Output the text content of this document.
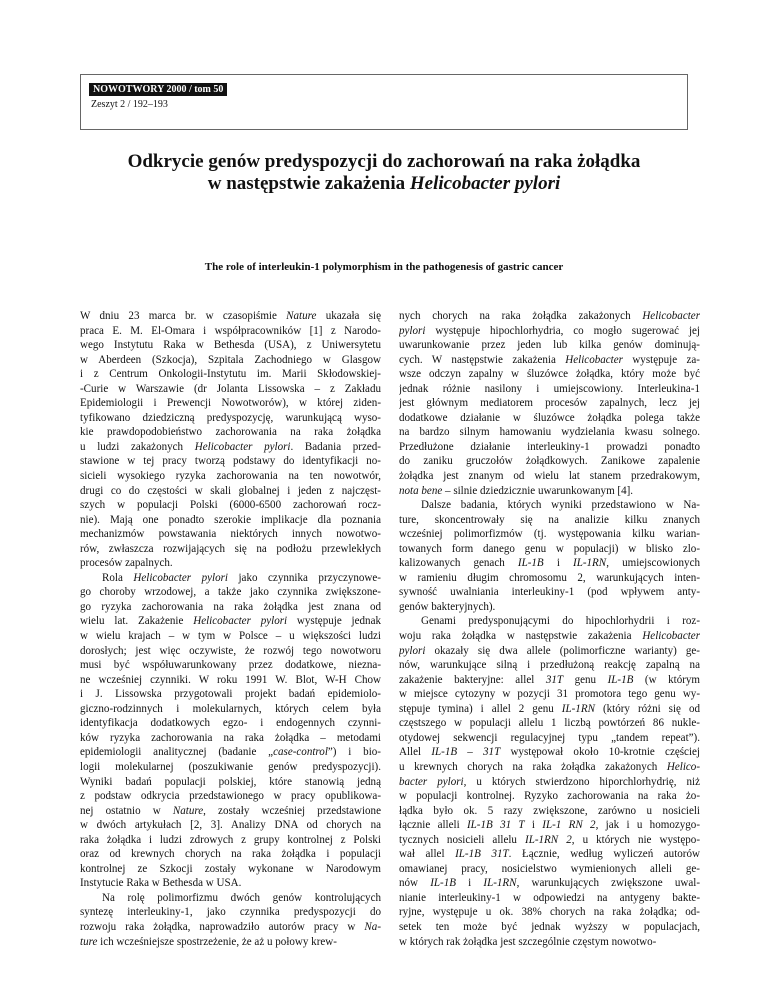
NOWOTWORY 2000 / tom 50
Zeszyt 2 / 192–193
Odkrycie genów predyspozycji do zachorowań na raka żołądka
w następstwie zakażenia Helicobacter pylori
The role of interleukin-1 polymorphism in the pathogenesis of gastric cancer
W dniu 23 marca br. w czasopiśmie Nature ukazała się
praca E. M. El-Omara i współpracowników [1] z Narodo-
wego Instytutu Raka w Bethesda (USA), z Uniwersytetu
w Aberdeen (Szkocja), Szpitala Zachodniego w Glasgow
i z Centrum Onkologii-Instytutu im. Marii Skłodowskiej-
-Curie w Warszawie (dr Jolanta Lissowska – z Zakładu
Epidemiologii i Prewencji Nowotworów), w której ziden-
tyfikowano dziedziczną predyspozycję, warunkującą wyso-
kie prawdopodobieństwo zachorowania na raka żołądka
u ludzi zakażonych Helicobacter pylori. Badania przed-
stawione w tej pracy tworzą podstawy do identyfikacji no-
sicieli wysokiego ryzyka zachorowania na ten nowotwór,
drugi co do częstości w skali globalnej i jeden z najczęst-
szych w populacji Polski (6000-6500 zachorowań rocz-
nie). Mają one ponadto szerokie implikacje dla poznania
mechanizmów powstawania niektórych innych nowotwo-
rów, zwłaszcza rozwijających się na podłożu przewlekłych
procesów zapalnych.
Rola Helicobacter pylori jako czynnika przyczynowe-
go choroby wrzodowej, a także jako czynnika zwiększone-
go ryzyka zachorowania na raka żołądka jest znana od
wielu lat. Zakażenie Helicobacter pylori występuje jednak
w wielu krajach – w tym w Polsce – u większości ludzi
dorosłych; jest więc oczywiste, że rozwój tego nowotworu
musi być współuwarunkowany przez dodatkowe, niezna-
ne wcześniej czynniki. W roku 1991 W. Blot, W-H Chow
i J. Lissowska przygotowali projekt badań epidemiolo-
giczno-rodzinnych i molekularnych, których celem była
identyfikacja dodatkowych egzo- i endogennych czynni-
ków ryzyka zachorowania na raka żołądka – metodami
epidemiologii analitycznej (badanie „case-control”) i bio-
logii molekularnej (poszukiwanie genów predyspozycji).
Wyniki badań populacji polskiej, które stanowią jedną
z podstaw odkrycia przedstawionego w pracy opublikowa-
nej ostatnio w Nature, zostały wcześniej przedstawione
w dwóch artykułach [2, 3]. Analizy DNA od chorych na
raka żołądka i ludzi zdrowych z grupy kontrolnej z Polski
oraz od krewnych chorych na raka żołądka i populacji
kontrolnej ze Szkocji zostały wykonane w Narodowym
Instytucie Raka w Bethesda w USA.
Na rolę polimorfizmu dwóch genów kontrolujących
syntezę interleukiny-1, jako czynnika predyspozycji do
rozwoju raka żołądka, naprowadziło autorów pracy w Na-
ture ich wcześniejsze spostrzeżenie, że aż u połowy krew-
nych chorych na raka żołądka zakażonych Helicobacter
pylori występuje hipochlorhydria, co mogło sugerować jej
uwarunkowanie przez jeden lub kilka genów dominują-
cych. W następstwie zakażenia Helicobacter występuje za-
wsze odczyn zapalny w śluzówce żołądka, który może być
jednak różnie nasilony i umiejscowiony. Interleukina-1
jest głównym mediatorem procesów zapalnych, lecz jej
dodatkowe działanie w śluzówce żołądka polega także
na bardzo silnym hamowaniu wydzielania kwasu solnego.
Przedłużone działanie interleukiny-1 prowadzi ponadto
do zaniku gruczołów żołądkowych. Zanikowe zapalenie
żołądka jest znanym od wielu lat stanem przedrakowym,
nota bene – silnie dziedzicznie uwarunkowanym [4].
Dalsze badania, których wyniki przedstawiono w Na-
ture, skoncentrowały się na analizie kilku znanych
wcześniej polimorfizmów (tj. występowania kilku warian-
towanych form danego genu w populacji) w blisko zlo-
kalizowanych genach IL-1B i IL-1RN, umiejscowionych
w ramieniu długim chromosomu 2, warunkujących inten-
sywność uwalniania interleukiny-1 (pod wpływem anty-
genów bakteryjnych).
Genami predysponującymi do hipochlorhydrii i roz-
woju raka żołądka w następstwie zakażenia Helicobacter
pylori okazały się dwa allele (polimorficzne warianty) ge-
nów, warunkujące silną i przedłużoną reakcję zapalną na
zakażenie bakteryjne: allel 31T genu IL-1B (w którym
w miejsce cytozyny w pozycji 31 promotora tego genu wy-
stępuje tymina) i allel 2 genu IL-1RN (który różni się od
częstszego w populacji allelu 1 liczbą powtórzeń 86 nukle-
otydowej sekwencji regulacyjnej typu „tandem repeat”).
Allel IL-1B – 31T występował około 10-krotnie częściej
u krewnych chorych na raka żołądka zakażonych Helico-
bacter pylori, u których stwierdzono hiporchlorhydrię, niż
w populacji kontrolnej. Ryzyko zachorowania na raka żo-
łądka było ok. 5 razy zwiększone, zarówno u nosicieli
łącznie alleli IL-1B 31 T i IL-1 RN 2, jak i u homozygo-
tycznych nosicieli allelu IL-1RN 2, u których nie występo-
wał allel IL-1B 31T. Łącznie, według wyliczeń autorów
omawianej pracy, nosicielstwo wymienionych alleli ge-
nów IL-1B i IL-1RN, warunkujących zwiększone uwal-
nianie interleukiny-1 w odpowiedzi na antygeny bakte-
ryjne, występuje u ok. 38% chorych na raka żołądka; od-
setek ten może być jednak wyższy w populacjach,
w których rak żołądka jest szczególnie częstym nowotwo-
